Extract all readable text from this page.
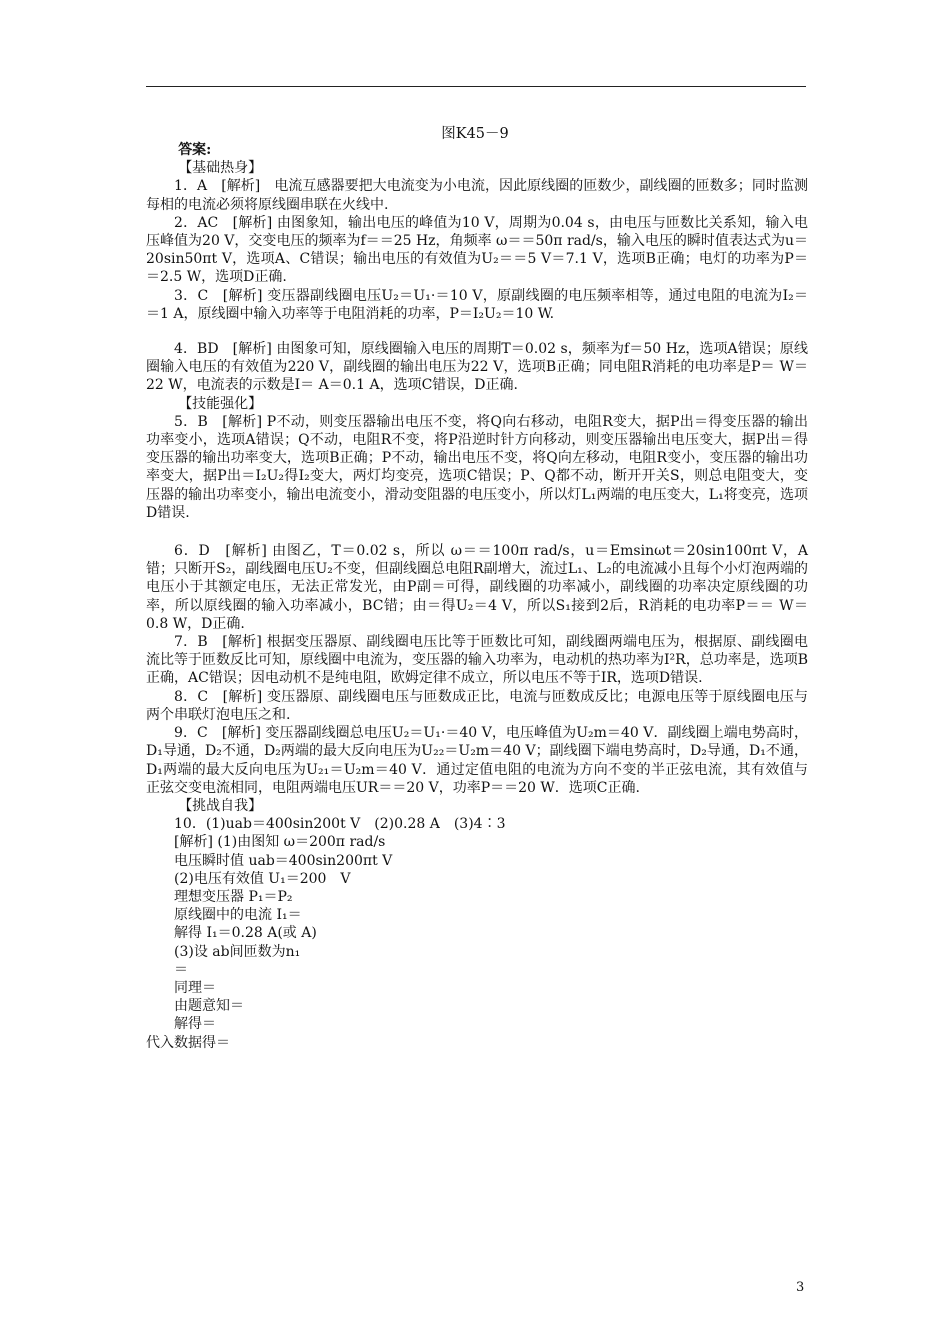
图K45－9

答案:

【基础热身】

1．A　[解析]　电流互感器要把大电流变为小电流，因此原线圈的匝数少，副线圈的匝数多；同时监测每相的电流必须将原线圈串联在火线中.

2．AC　[解析] 由图象知，输出电压的峰值为10 V，周期为0.04 s，由电压与匝数比关系知，输入电压峰值为20 V，交变电压的频率为f＝＝25 Hz，角频率 ω＝＝50π rad/s，输入电压的瞬时值表达式为u＝20sin50πt V，选项A、C错误；输出电压的有效值为U₂＝＝5 V＝7.1 V，选项B正确；电灯的功率为P＝＝2.5 W，选项D正确.

3．C　[解析] 变压器副线圈电压U₂＝U₁·＝10 V，原副线圈的电压频率相等，通过电阻的电流为I₂＝＝1 A，原线圈中输入功率等于电阻消耗的功率，P＝I₂U₂＝10 W.

4．BD　[解析] 由图象可知，原线圈输入电压的周期T＝0.02 s，频率为f＝50 Hz，选项A错误；原线圈输入电压的有效值为220 V，副线圈的输出电压为22 V，选项B正确；同电阻R消耗的电功率是P＝ W＝22 W，电流表的示数是I＝ A＝0.1 A，选项C错误，D正确.

【技能强化】

5．B　[解析] P不动，则变压器输出电压不变，将Q向右移动，电阻R变大，据P出＝得变压器的输出功率变小，选项A错误；Q不动，电阻R不变，将P沿逆时针方向移动，则变压器输出电压变大，据P出＝得变压器的输出功率变大，选项B正确；P不动，输出电压不变，将Q向左移动，电阻R变小，变压器的输出功率变大，据P出＝I₂U₂得I₂变大，两灯均变亮，选项C错误；P、Q都不动，断开开关S，则总电阻变大，变压器的输出功率变小，输出电流变小，滑动变阻器的电压变小，所以灯L₁两端的电压变大，L₁将变亮，选项D错误.

6．D　[解析] 由图乙，T＝0.02 s，所以 ω＝＝100π rad/s，u＝Emsinωt＝20sin100πt V，A错；只断开S₂，副线圈电压U₂不变，但副线圈总电阻R副增大，流过L₁、L₂的电流减小且每个小灯泡两端的电压小于其额定电压，无法正常发光，由P副＝可得，副线圈的功率减小，副线圈的功率决定原线圈的功率，所以原线圈的输入功率减小，BC错；由＝得U₂＝4 V，所以S₁接到2后，R消耗的电功率P＝＝ W＝0.8 W，D正确.

7．B　[解析] 根据变压器原、副线圈电压比等于匝数比可知，副线圈两端电压为，根据原、副线圈电流比等于匝数反比可知，原线圈中电流为，变压器的输入功率为，电动机的热功率为I²R，总功率是，选项B正确，AC错误；因电动机不是纯电阻，欧姆定律不成立，所以电压不等于IR，选项D错误.

8．C　[解析] 变压器原、副线圈电压与匝数成正比，电流与匝数成反比；电源电压等于原线圈电压与两个串联灯泡电压之和.

9．C　[解析] 变压器副线圈总电压U₂＝U₁·＝40 V，电压峰值为U₂m＝40 V．副线圈上端电势高时，D₁导通，D₂不通，D₂两端的最大反向电压为U₂₂＝U₂m＝40 V；副线圈下端电势高时，D₂导通，D₁不通，D₁两端的最大反向电压为U₂₁＝U₂m＝40 V．通过定值电阻的电流为方向不变的半正弦电流，其有效值与正弦交变电流相同，电阻两端电压UR＝＝20 V，功率P＝＝20 W．选项C正确.

【挑战自我】

10．(1)uab＝400sin200t V　(2)0.28 A　(3)4∶3

[解析] (1)由图知 ω＝200π rad/s

电压瞬时值 uab＝400sin200πt V

(2)电压有效值 U₁＝200　V

理想变压器 P₁＝P₂

原线圈中的电流 I₁＝

解得 I₁＝0.28 A(或 A)

(3)设 ab间匝数为n₁

＝

同理＝

由题意知＝

解得＝

代入数据得＝

3
